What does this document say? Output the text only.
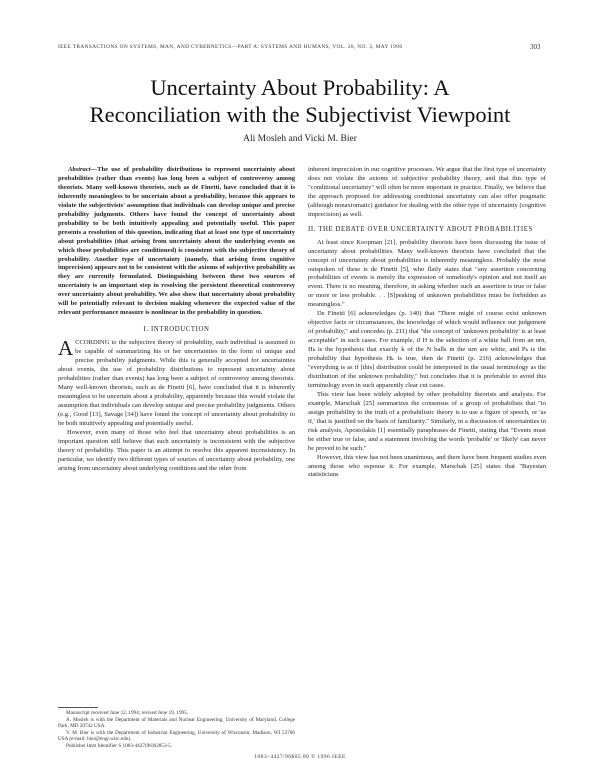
IEEE TRANSACTIONS ON SYSTEMS, MAN, AND CYBERNETICS—PART A: SYSTEMS AND HUMANS, VOL. 26, NO. 3, MAY 1996	303
Uncertainty About Probability: A
Reconciliation with the Subjectivist Viewpoint
Ali Mosleh and Vicki M. Bier

Abstract—The use of probability distributions to represent uncertainty about probabilities (rather than events) has long been a subject of controversy among theorists. Many well-known theorists, such as de Finetti, have concluded that it is inherently meaningless to be uncertain about a probability, because this appears to violate the subjectivists' assumption that individuals can develop unique and precise probability judgments. Others have found the concept of uncertainty about probability to be both intuitively appealing and potentially useful. This paper presents a resolution of this question, indicating that at least one type of uncertainty about probabilities (that arising from uncertainty about the underlying events on which those probabilities are conditioned) is consistent with the subjective theory of probability. Another type of uncertainty (namely, that arising from cognitive imprecision) appears not to be consistent with the axioms of subjective probability as they are currently formulated. Distinguishing between these two sources of uncertainty is an important step in resolving the persistent theoretical controversy over uncertainty about probability. We also show that uncertainty about probability will be potentially relevant to decision making whenever the expected value of the relevant performance measure is nonlinear in the probability in question.

I. INTRODUCTION

ACCORDING to the subjective theory of probability, each individual is assumed to be capable of summarizing his or her uncertainties in the form of unique and precise probability judgments. While this is generally accepted for uncertainties about events, the use of probability distributions to represent uncertainty about probabilities (rather than events) has long been a subject of controversy among theorists. Many well-known theorists, such as de Finetti [6], have concluded that it is inherently meaningless to be uncertain about a probability, apparently because this would violate the assumption that individuals can develop unique and precise probability judgments. Others (e.g., Good [13], Savage [34]) have found the concept of uncertainty about probability to be both intuitively appealing and potentially useful.

However, even many of those who feel that uncertainty about probabilities is an important question still believe that such uncertainty is inconsistent with the subjective theory of probability. This paper is an attempt to resolve this apparent inconsistency. In particular, we identify two different types of sources of uncertainty about probability, one arising from uncertainty about underlying conditions and the other from

inherent imprecision in our cognitive processes. We argue that the first type of uncertainty does not violate the axioms of subjective probability theory, and that this type of "conditional uncertainty" will often be more important in practice. Finally, we believe that the approach proposed for addressing conditional uncertainty can also offer pragmatic (although nonaxiomatic) guidance for dealing with the other type of uncertainty (cognitive imprecision) as well.

II. THE DEBATE OVER UNCERTAINTY ABOUT PROBABILITIES

At least since Koopman [21], probability theorists have been discussing the issue of uncertainty about probabilities. Many well-known theorists have concluded that the concept of uncertainty about probabilities is inherently meaningless. Probably the most outspoken of these is de Finetti [5], who flatly states that "any assertion concerning probabilities of events is merely the expression of somebody's opinion and not itself an event. There is no meaning, therefore, in asking whether such an assertion is true or false or more or less probable. . . [S]peaking of unknown probabilities must be forbidden as meaningless."

De Finetti [6] acknowledges (p. 140) that "There might of course exist unknown objective facts or circumstances, the knowledge of which would influence our judgement of probability," and concedes (p. 211) that "the concept of 'unknown probability' is at least acceptable" in such cases. For example, if H is the selection of a white ball from an urn, Hₖ is the hypothesis that exactly k of the N balls in the urn are white, and Pₖ is the probability that hypothesis Hₖ is true, then de Finetti (p. 216) acknowledges that "everything is as if [this] distribution could be interpreted in the usual terminology as the distribution of the unknown probability," but concludes that it is preferable to avoid this terminology even in such apparently clear cut cases.

This view has been widely adopted by other probability theorists and analysts. For example, Marschak [25] summarizes the consensus of a group of probabilists that "to assign probability to the truth of a probabilistic theory is to use a figure of speech, or 'as if,' that is justified on the basis of familiarity." Similarly, in a discussion of uncertainties in risk analysis, Apostolakis [1] essentially paraphrases de Finetti, stating that "Events must be either true or false, and a statement involving the words 'probable' or 'likely' can never be proved to be such."

However, this view has not been unanimous, and there have been frequent studies even among those who espouse it. For example, Marschak [25] states that "Bayesian statisticians

Manuscript received June 12, 1994; revised June 19, 1995.

A. Mosleh is with the Department of Materials and Nuclear Engineering, University of Maryland, College Park, MD 20742 USA.

V. M. Bier is with the Department of Industrial Engineering, University of Wisconsin, Madison, WI 53706 USA (e-mail: bier@engr.wisc.edu).

Publisher Item Identifier S 1083-4427(96)02853-5.

1083–4427/96$05.00 © 1996 IEEE
